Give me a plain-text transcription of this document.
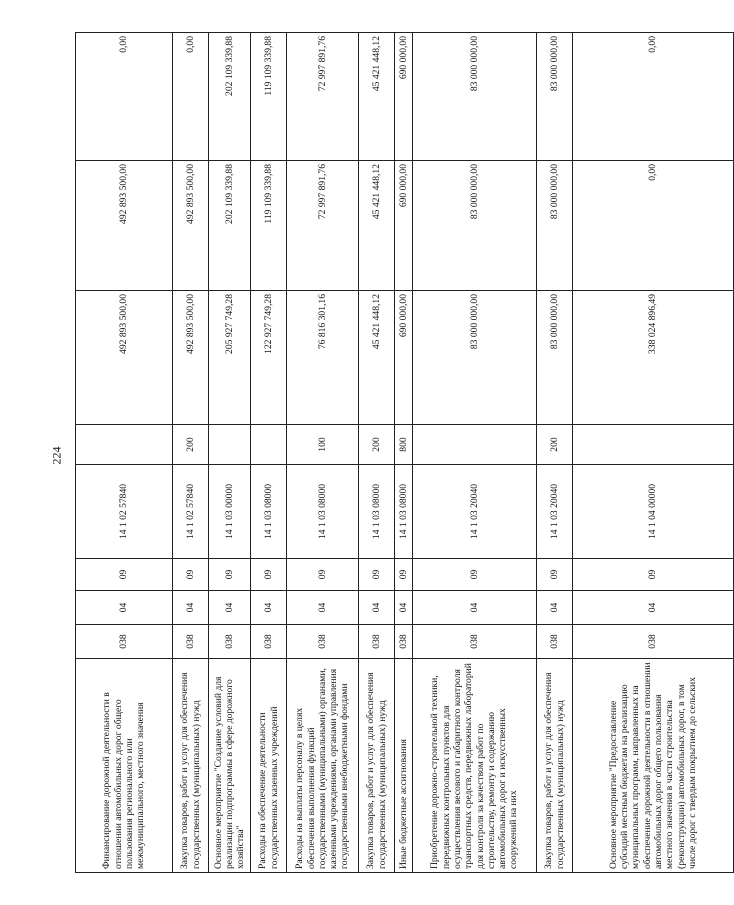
224
Финансирование дорожной деятельности в отношении автомобильных дорог общего пользования регионального или межмуниципального, местного значения	038	04	09	14 1 02 57840		492 893 500,00	492 893 500,00	0,00
Закупка товаров, работ и услуг для обеспечения государственных (муниципальных) нужд	038	04	09	14 1 02 57840	200	492 893 500,00	492 893 500,00	0,00
Основное мероприятие "Создание условий для реализации подпрограммы в сфере дорожного хозяйства"	038	04	09	14 1 03 00000		205 927 749,28	202 109 339,88	202 109 339,88
Расходы на обеспечение деятельности государственных казенных учреждений	038	04	09	14 1 03 08000		122 927 749,28	119 109 339,88	119 109 339,88
Расходы на выплаты персоналу в целях обеспечения выполнения функций государственными (муниципальными) органами, казенными учреждениями, органами управления государственными внебюджетными фондами	038	04	09	14 1 03 08000	100	76 816 301,16	72 997 891,76	72 997 891,76
Закупка товаров, работ и услуг для обеспечения государственных (муниципальных) нужд	038	04	09	14 1 03 08000	200	45 421 448,12	45 421 448,12	45 421 448,12
Иные бюджетные ассигнования	038	04	09	14 1 03 08000	800	690 000,00	690 000,00	690 000,00
Приобретение дорожно-строительной техники, передвижных контрольных пунктов для осуществления весового и габаритного контроля транспортных средств, передвижных лабораторий для контроля за качеством работ по строительству, ремонту и содержанию автомобильных дорог и искусственных сооружений на них	038	04	09	14 1 03 20040		83 000 000,00	83 000 000,00	83 000 000,00
Закупка товаров, работ и услуг для обеспечения государственных (муниципальных) нужд	038	04	09	14 1 03 20040	200	83 000 000,00	83 000 000,00	83 000 000,00
Основное мероприятие "Предоставление субсидий местным бюджетам на реализацию муниципальных программ, направленных на обеспечение дорожной деятельности в отношении автомобильных дорог общего пользования местного значения в части строительства (реконструкции) автомобильных дорог, в том числе дорог с твердым покрытием до сельских	038	04	09	14 1 04 00000		338 024 896,49	0,00	0,00
